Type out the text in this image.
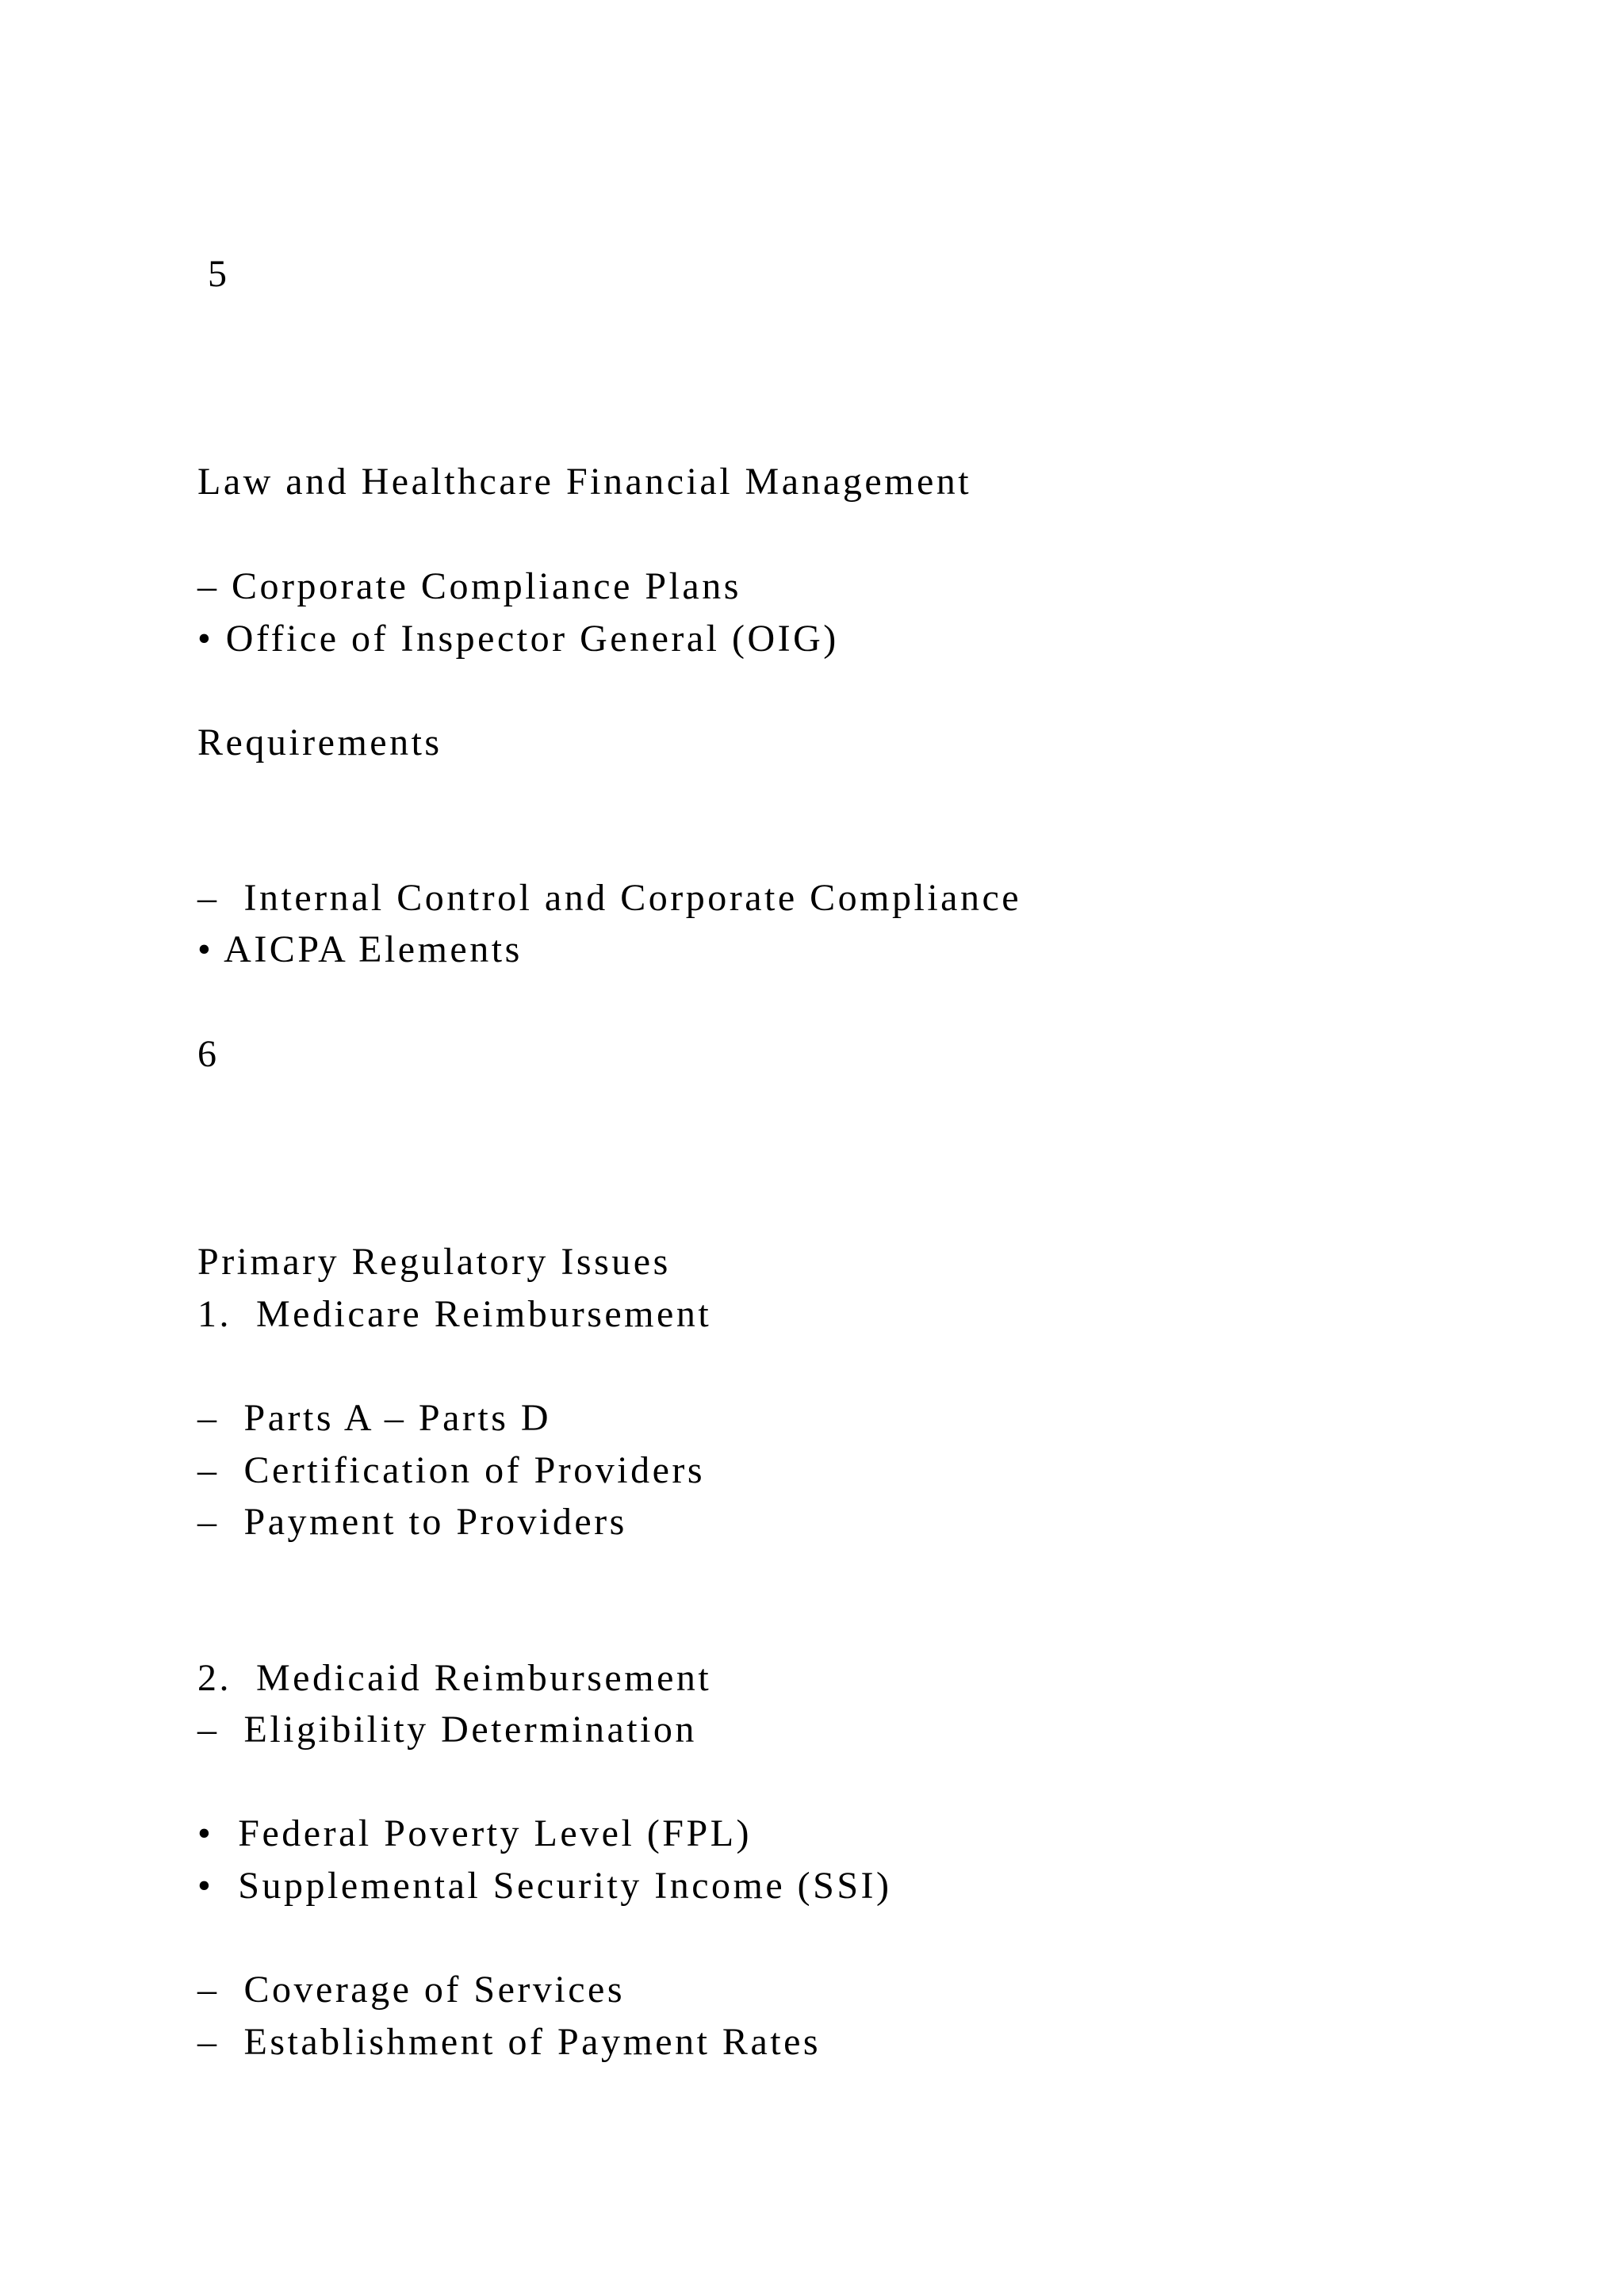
5

Law and Healthcare Financial Management

– Corporate Compliance Plans

• Office of Inspector General (OIG)

Requirements

–  Internal Control and Corporate Compliance

• AICPA Elements

6

Primary Regulatory Issues

1.  Medicare Reimbursement

–  Parts A – Parts D

–  Certification of Providers

–  Payment to Providers

2.  Medicaid Reimbursement

–  Eligibility Determination

•  Federal Poverty Level (FPL)

•  Supplemental Security Income (SSI)

–  Coverage of Services

–  Establishment of Payment Rates
